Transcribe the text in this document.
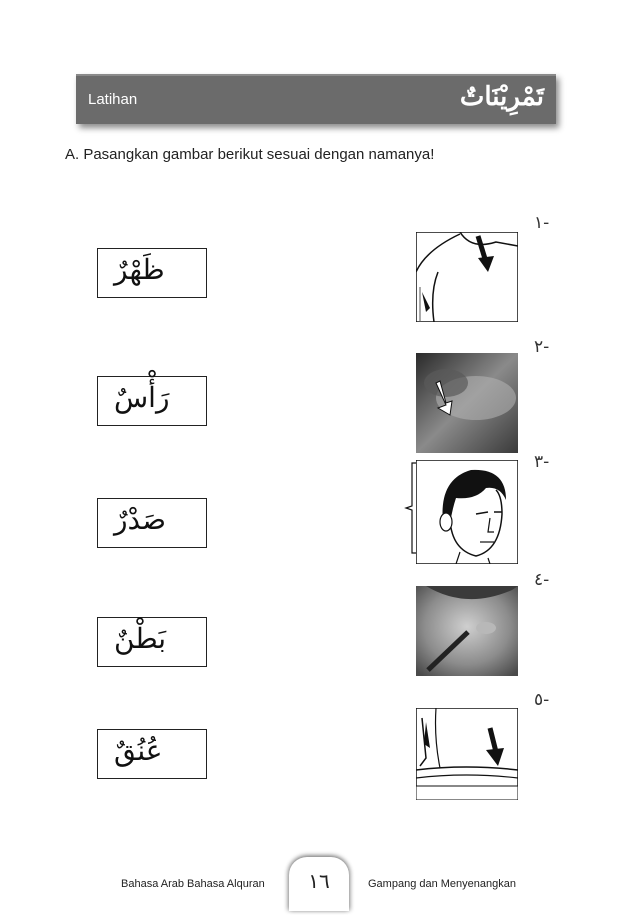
Latihan	تَمْرِيْنَاتٌ
A. Pasangkan gambar berikut sesuai dengan namanya!
ظَهْرٌ
رَأْسٌ
صَدْرٌ
بَطْنٌ
عُنُقٌ
١-
٢-
٣-
٤-
٥-
Bahasa Arab Bahasa Alquran	١٦	Gampang dan Menyenangkan
